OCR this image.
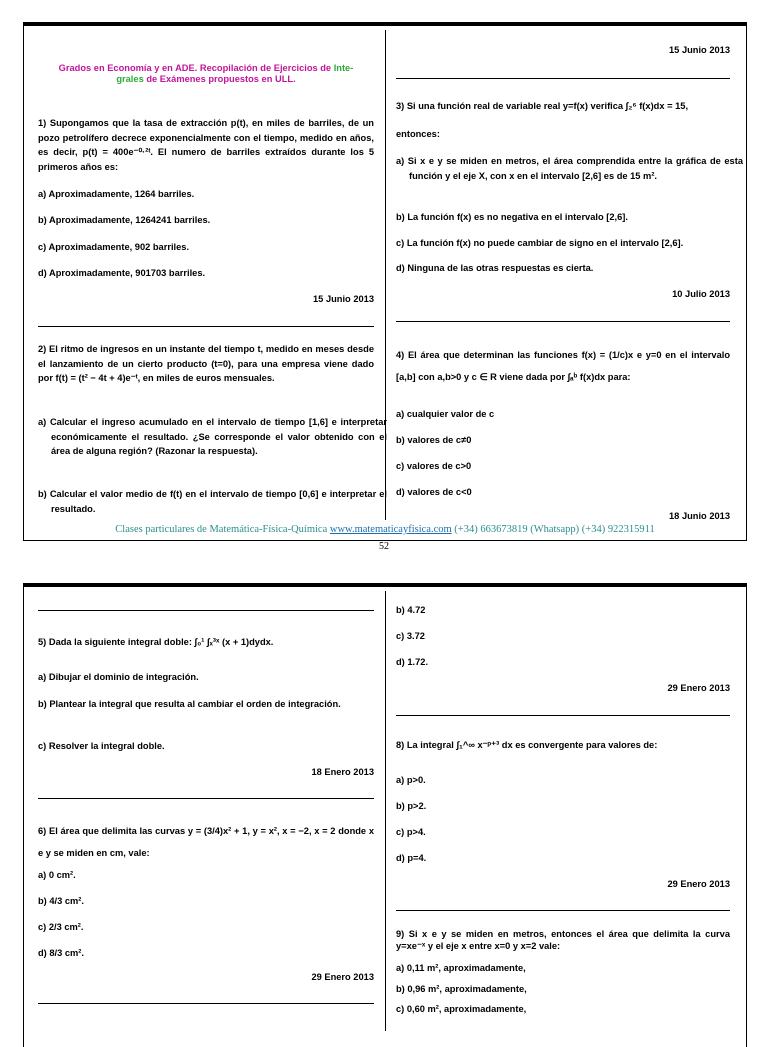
Grados en Economía y en ADE. Recopilación de Ejercicios de Inte-
grales de Exámenes propuestos en ULL.

1) Supongamos que la tasa de extracción p(t), en miles de barriles, de un pozo petrolífero decrece exponencialmente con el tiempo, medido en años, es decir, p(t) = 400e⁻⁰·²ᵗ. El numero de barriles extraídos durante los 5 primeros años es:

a) Aproximadamente, 1264 barriles.

b) Aproximadamente, 1264241 barriles.

c) Aproximadamente, 902 barriles.

d) Aproximadamente, 901703 barriles.

15 Junio 2013

2) El ritmo de ingresos en un instante del tiempo t, medido en meses desde el lanzamiento de un cierto producto (t=0), para una empresa viene dado por f(t) = (t² − 4t + 4)e⁻ᵗ, en miles de euros mensuales.

a) Calcular el ingreso acumulado en el intervalo de tiempo [1,6] e interpretar económicamente el resultado. ¿Se corresponde el valor obtenido con el área de alguna región? (Razonar la respuesta).

b) Calcular el valor medio de f(t) en el intervalo de tiempo [0,6] e interpretar el resultado.

15 Junio 2013

3) Si una función real de variable real y=f(x) verifica ∫₂⁶ f(x)dx = 15,

entonces:

a) Si x e y se miden en metros, el área comprendida entre la gráfica de esta función y el eje X, con x en el intervalo [2,6] es de 15 m².

b) La función f(x) es no negativa en el intervalo [2,6].

c) La función f(x) no puede cambiar de signo en el intervalo [2,6].

d) Ninguna de las otras respuestas es cierta.

10 Julio 2013

4) El área que determinan las funciones f(x) = (1/c)x e y=0 en el intervalo [a,b] con a,b>0 y c ∈ R viene dada por ∫ₐᵇ f(x)dx para:

a) cualquier valor de c

b) valores de c≠0

c) valores de c>0

d) valores de c<0

18 Junio 2013

Clases particulares de Matemática-Física-Química www.matematicayfisica.com (+34) 663673819 (Whatsapp) (+34) 922315911
52

5) Dada la siguiente integral doble: ∫₀¹ ∫ₓ³ˣ (x + 1)dydx.

a) Dibujar el dominio de integración.

b) Plantear la integral que resulta al cambiar el orden de integración.

c) Resolver la integral doble.

18 Enero 2013

6) El área que delimita las curvas y = (3/4)x² + 1, y = x², x = −2, x = 2 donde x e y se miden en cm, vale:

a) 0 cm².

b) 4/3 cm².

c) 2/3 cm².

d) 8/3 cm².

29 Enero 2013

b) 4.72

c) 3.72

d) 1.72.

29 Enero 2013

8) La integral ∫₁^∞ x⁻ᵖ⁺³ dx es convergente para valores de:

a) p>0.

b) p>2.

c) p>4.

d) p=4.

29 Enero 2013

9) Si x e y se miden en metros, entonces el área que delimita la curva y=xe⁻ˣ y el eje x entre x=0 y x=2 vale:

a) 0,11 m², aproximadamente,

b) 0,96 m², aproximadamente,

c) 0,60 m², aproximadamente,
